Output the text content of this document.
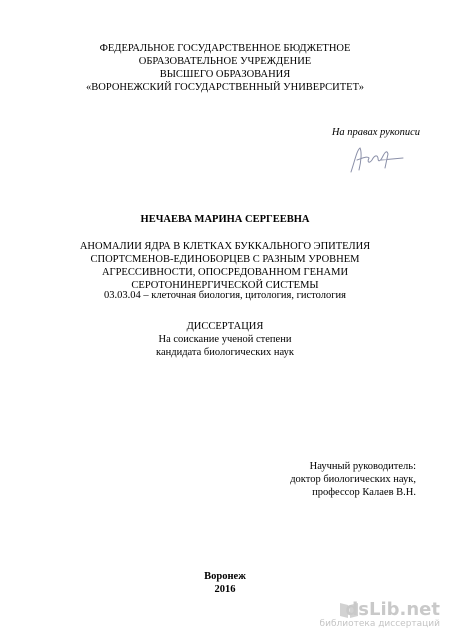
ФЕДЕРАЛЬНОЕ ГОСУДАРСТВЕННОЕ БЮДЖЕТНОЕ
ОБРАЗОВАТЕЛЬНОЕ УЧРЕЖДЕНИЕ
ВЫСШЕГО ОБРАЗОВАНИЯ
«ВОРОНЕЖСКИЙ ГОСУДАРСТВЕННЫЙ УНИВЕРСИТЕТ»
На правах рукописи
НЕЧАЕВА МАРИНА СЕРГЕЕВНА
АНОМАЛИИ ЯДРА В КЛЕТКАХ БУККАЛЬНОГО ЭПИТЕЛИЯ
СПОРТСМЕНОВ-ЕДИНОБОРЦЕВ С РАЗНЫМ УРОВНЕМ
АГРЕССИВНОСТИ, ОПОСРЕДОВАННОМ ГЕНАМИ
СЕРОТОНИНЕРГИЧЕСКОЙ СИСТЕМЫ
03.03.04 – клеточная биология, цитология, гистология
ДИССЕРТАЦИЯ
На соискание ученой степени
кандидата биологических наук
Научный руководитель:
доктор биологических наук,
профессор Калаев В.Н.
Воронеж
2016
dsLib.net
библиотека диссертаций
